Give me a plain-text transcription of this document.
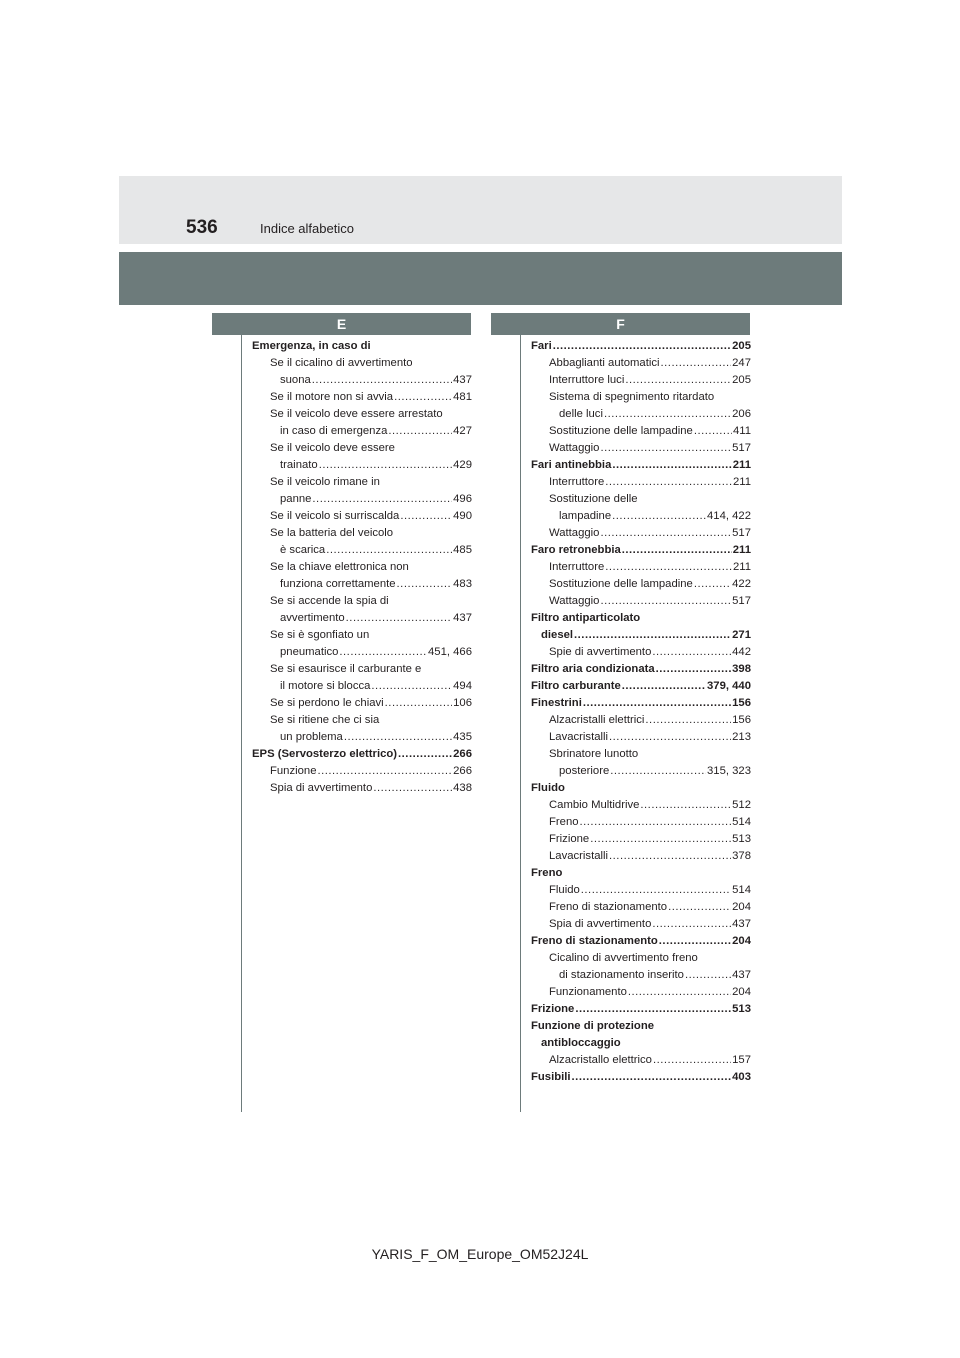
536	Indice alfabetico
E	F
Emergenza, in caso di
Se il cicalino di avvertimento
suona .....	437
Se il motore non si avvia .....	481
Se il veicolo deve essere arrestato
in caso di emergenza .....	427
Se il veicolo deve essere
trainato .....	429
Se il veicolo rimane in
panne .....	496
Se il veicolo si surriscalda .....	490
Se la batteria del veicolo
è scarica .....	485
Se la chiave elettronica non
funziona correttamente .....	483
Se si accende la spia di
avvertimento .....	437
Se si è sgonfiato un
pneumatico .....	451, 466
Se si esaurisce il carburante e
il motore si blocca .....	494
Se si perdono le chiavi .....	106
Se si ritiene che ci sia
un problema .....	435
EPS (Servosterzo elettrico) .....	266
Funzione .....	266
Spia di avvertimento .....	438
Fari .....	205
Abbaglianti automatici .....	247
Interruttore luci .....	205
Sistema di spegnimento ritardato
delle luci .....	206
Sostituzione delle lampadine .....	411
Wattaggio .....	517
Fari antinebbia .....	211
Interruttore .....	211
Sostituzione delle
lampadine .....	414, 422
Wattaggio .....	517
Faro retronebbia .....	211
Interruttore .....	211
Sostituzione delle lampadine .....	422
Wattaggio .....	517
Filtro antiparticolato
diesel .....	271
Spie di avvertimento .....	442
Filtro aria condizionata .....	398
Filtro carburante .....	379, 440
Finestrini .....	156
Alzacristalli elettrici .....	156
Lavacristalli .....	213
Sbrinatore lunotto
posteriore .....	315, 323
Fluido
Cambio Multidrive .....	512
Freno .....	514
Frizione .....	513
Lavacristalli .....	378
Freno
Fluido .....	514
Freno di stazionamento .....	204
Spia di avvertimento .....	437
Freno di stazionamento .....	204
Cicalino di avvertimento freno
di stazionamento inserito .....	437
Funzionamento .....	204
Frizione .....	513
Funzione di protezione
antibloccaggio
Alzacristallo elettrico .....	157
Fusibili .....	403
YARIS_F_OM_Europe_OM52J24L
